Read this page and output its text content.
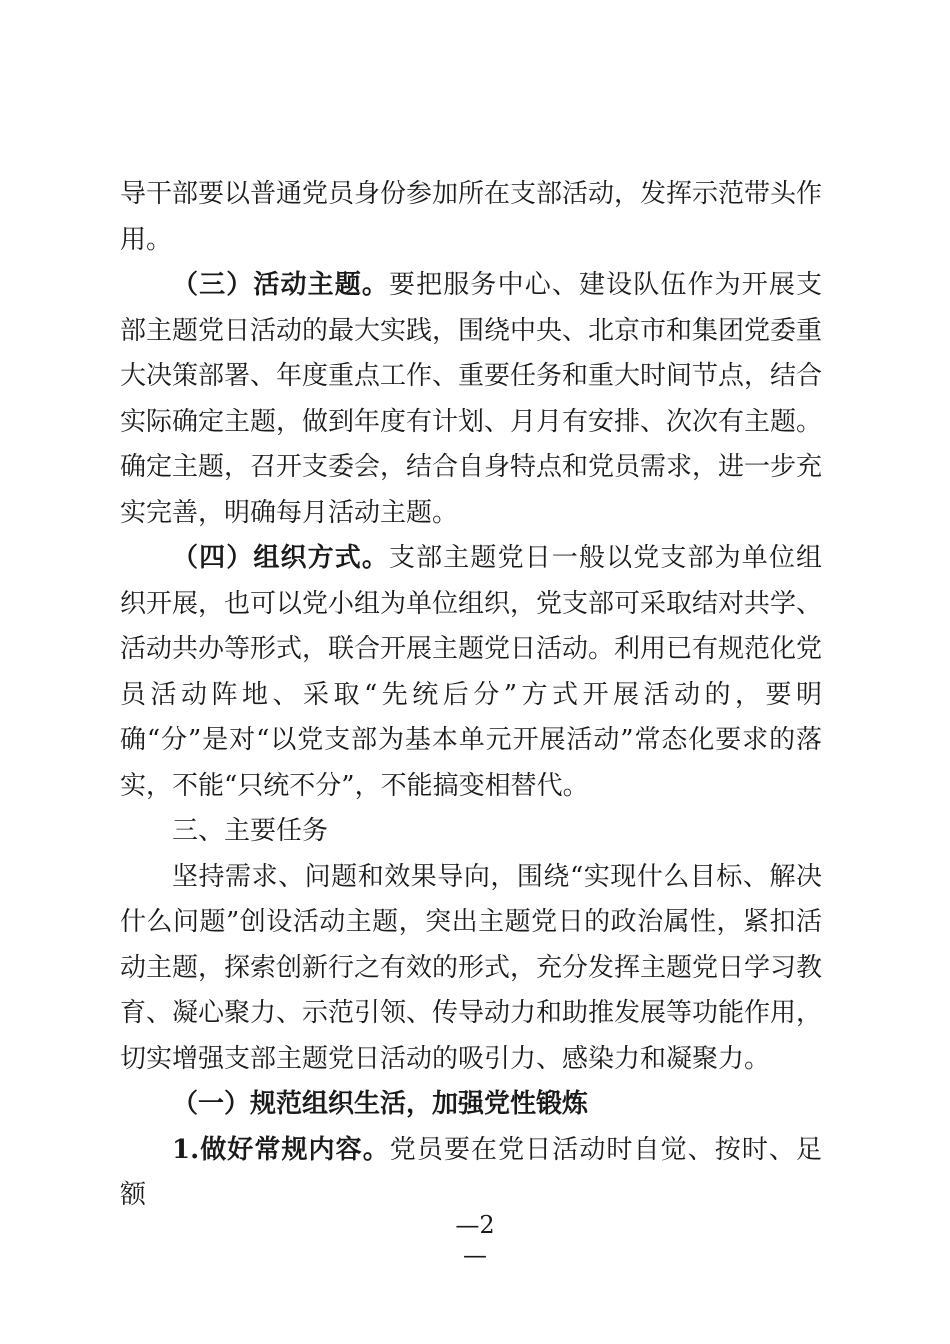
导干部要以普通党员身份参加所在支部活动，发挥示范带头作用。

（三）活动主题。要把服务中心、建设队伍作为开展支部主题党日活动的最大实践，围绕中央、北京市和集团党委重大决策部署、年度重点工作、重要任务和重大时间节点，结合实际确定主题，做到年度有计划、月月有安排、次次有主题。确定主题，召开支委会，结合自身特点和党员需求，进一步充实完善，明确每月活动主题。

（四）组织方式。支部主题党日一般以党支部为单位组织开展，也可以党小组为单位组织，党支部可采取结对共学、活动共办等形式，联合开展主题党日活动。利用已有规范化党员活动阵地、采取“先统后分”方式开展活动的，要明确“分”是对“以党支部为基本单元开展活动”常态化要求的落实，不能“只统不分”，不能搞变相替代。

三、主要任务

坚持需求、问题和效果导向，围绕“实现什么目标、解决什么问题”创设活动主题，突出主题党日的政治属性，紧扣活动主题，探索创新行之有效的形式，充分发挥主题党日学习教育、凝心聚力、示范引领、传导动力和助推发展等功能作用，切实增强支部主题党日活动的吸引力、感染力和凝聚力。

（一）规范组织生活，加强党性锻炼

1.做好常规内容。党员要在党日活动时自觉、按时、足额

—2
—
